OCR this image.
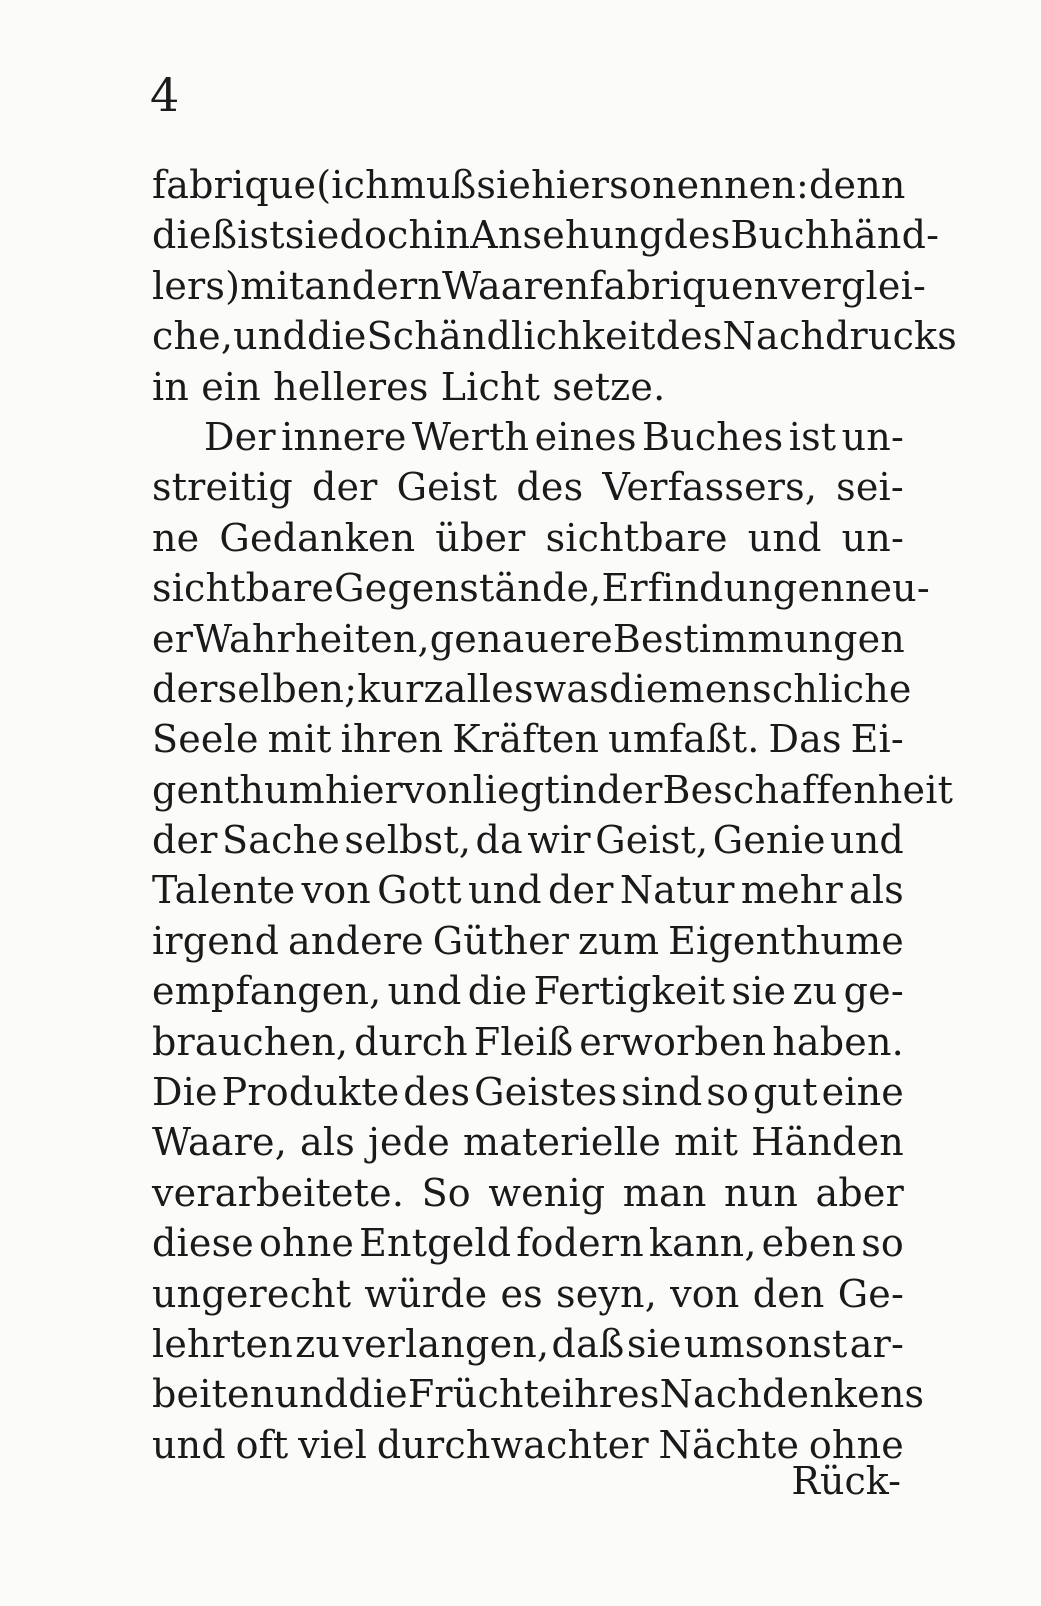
4
fabrique (ich muß sie hier so nennen: denn
dieß ist sie doch in Ansehung des Buchhänd-
lers) mit andern Waarenfabriquen verglei-
che, und die Schändlichkeit des Nachdrucks
in ein helleres Licht setze.
Der innere Werth eines Buches ist un-
streitig der Geist des Verfassers, sei-
ne Gedanken über sichtbare und un-
sichtbare Gegenstände, Erfindungen neu-
er Wahrheiten, genauere Bestimmungen
derselben; kurz alles was die menschliche
Seele mit ihren Kräften umfaßt. Das Ei-
genthum hiervon liegt in der Beschaffenheit
der Sache selbst, da wir Geist, Genie und
Talente von Gott und der Natur mehr als
irgend andere Güther zum Eigenthume
empfangen, und die Fertigkeit sie zu ge-
brauchen, durch Fleiß erworben haben.
Die Produkte des Geistes sind so gut eine
Waare, als jede materielle mit Händen
verarbeitete. So wenig man nun aber
diese ohne Entgeld fodern kann, eben so
ungerecht würde es seyn, von den Ge-
lehrten zu verlangen, daß sie umsonst ar-
beiten und die Früchte ihres Nachdenkens
und oft viel durchwachter Nächte ohne
Rück-
